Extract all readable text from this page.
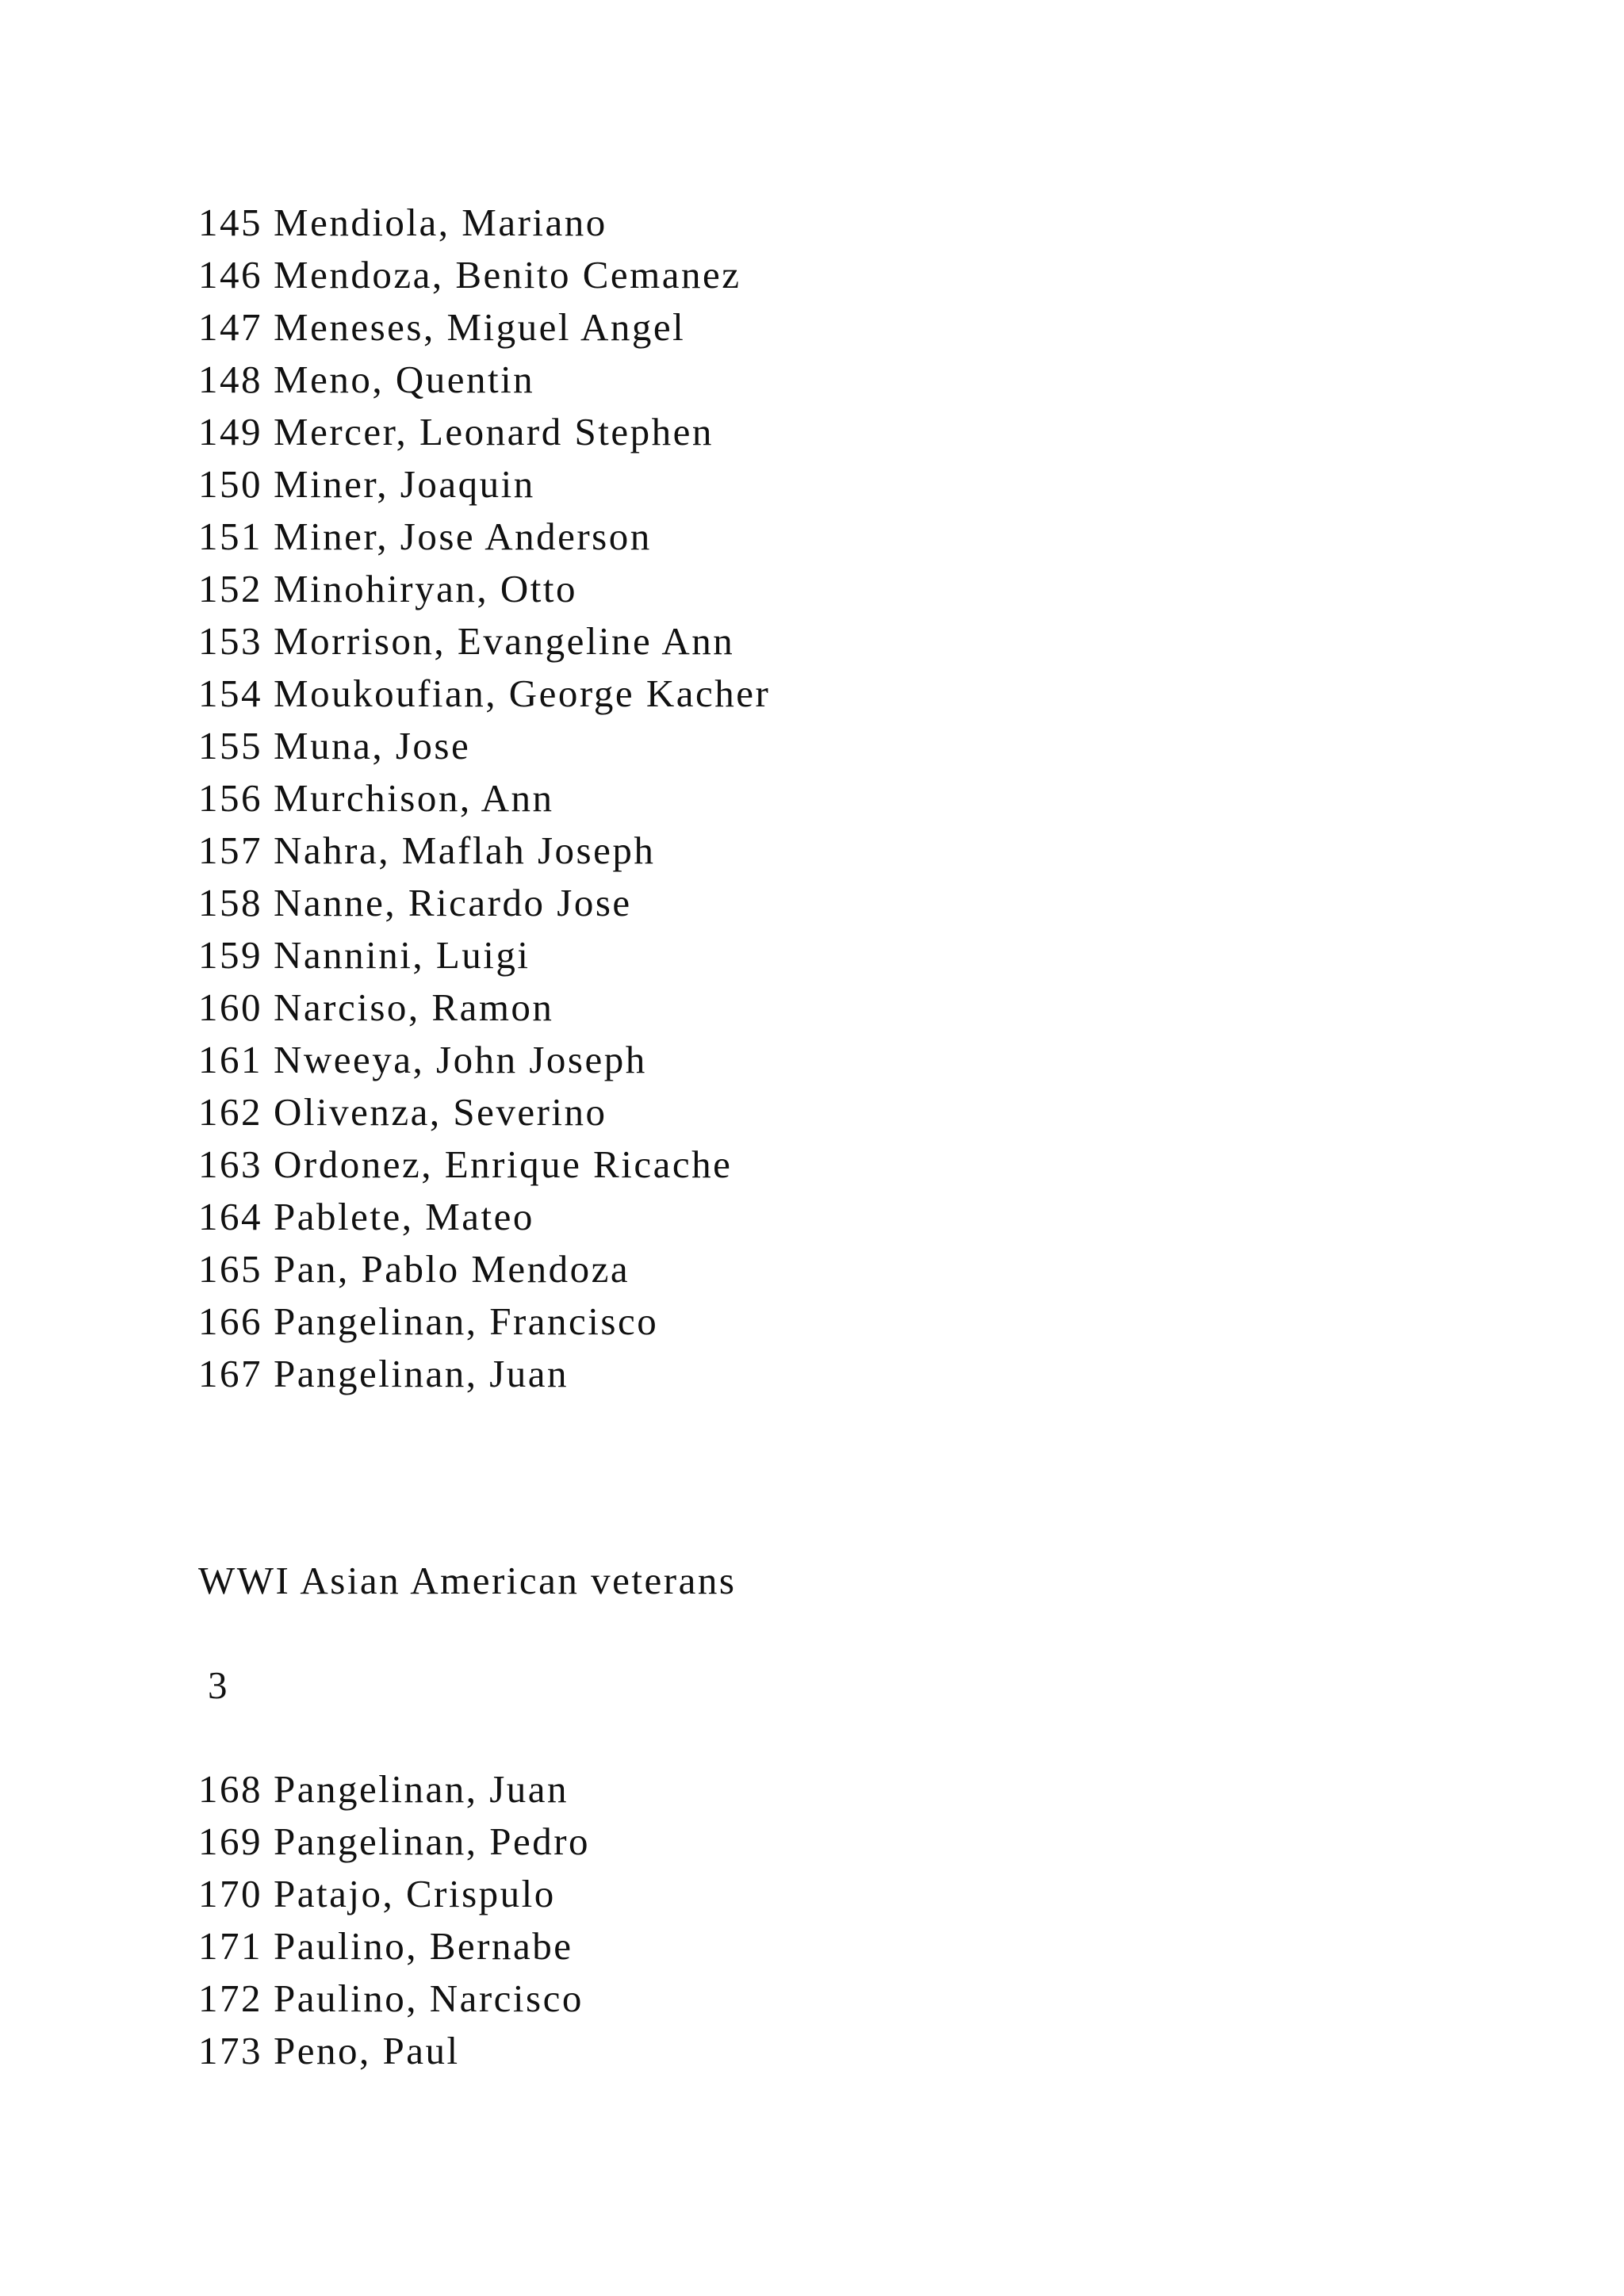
145 Mendiola, Mariano
146 Mendoza, Benito Cemanez
147 Meneses, Miguel Angel
148 Meno, Quentin
149 Mercer, Leonard Stephen
150 Miner, Joaquin
151 Miner, Jose Anderson
152 Minohiryan, Otto
153 Morrison, Evangeline Ann
154 Moukoufian, George Kacher
155 Muna, Jose
156 Murchison, Ann
157 Nahra, Maflah Joseph
158 Nanne, Ricardo Jose
159 Nannini, Luigi
160 Narciso, Ramon
161 Nweeya, John Joseph
162 Olivenza, Severino
163 Ordonez, Enrique Ricache
164 Pablete, Mateo
165 Pan, Pablo Mendoza
166 Pangelinan, Francisco
167 Pangelinan, Juan
WWI Asian American veterans
3
168 Pangelinan, Juan
169 Pangelinan, Pedro
170 Patajo, Crispulo
171 Paulino, Bernabe
172 Paulino, Narcisco
173 Peno, Paul
